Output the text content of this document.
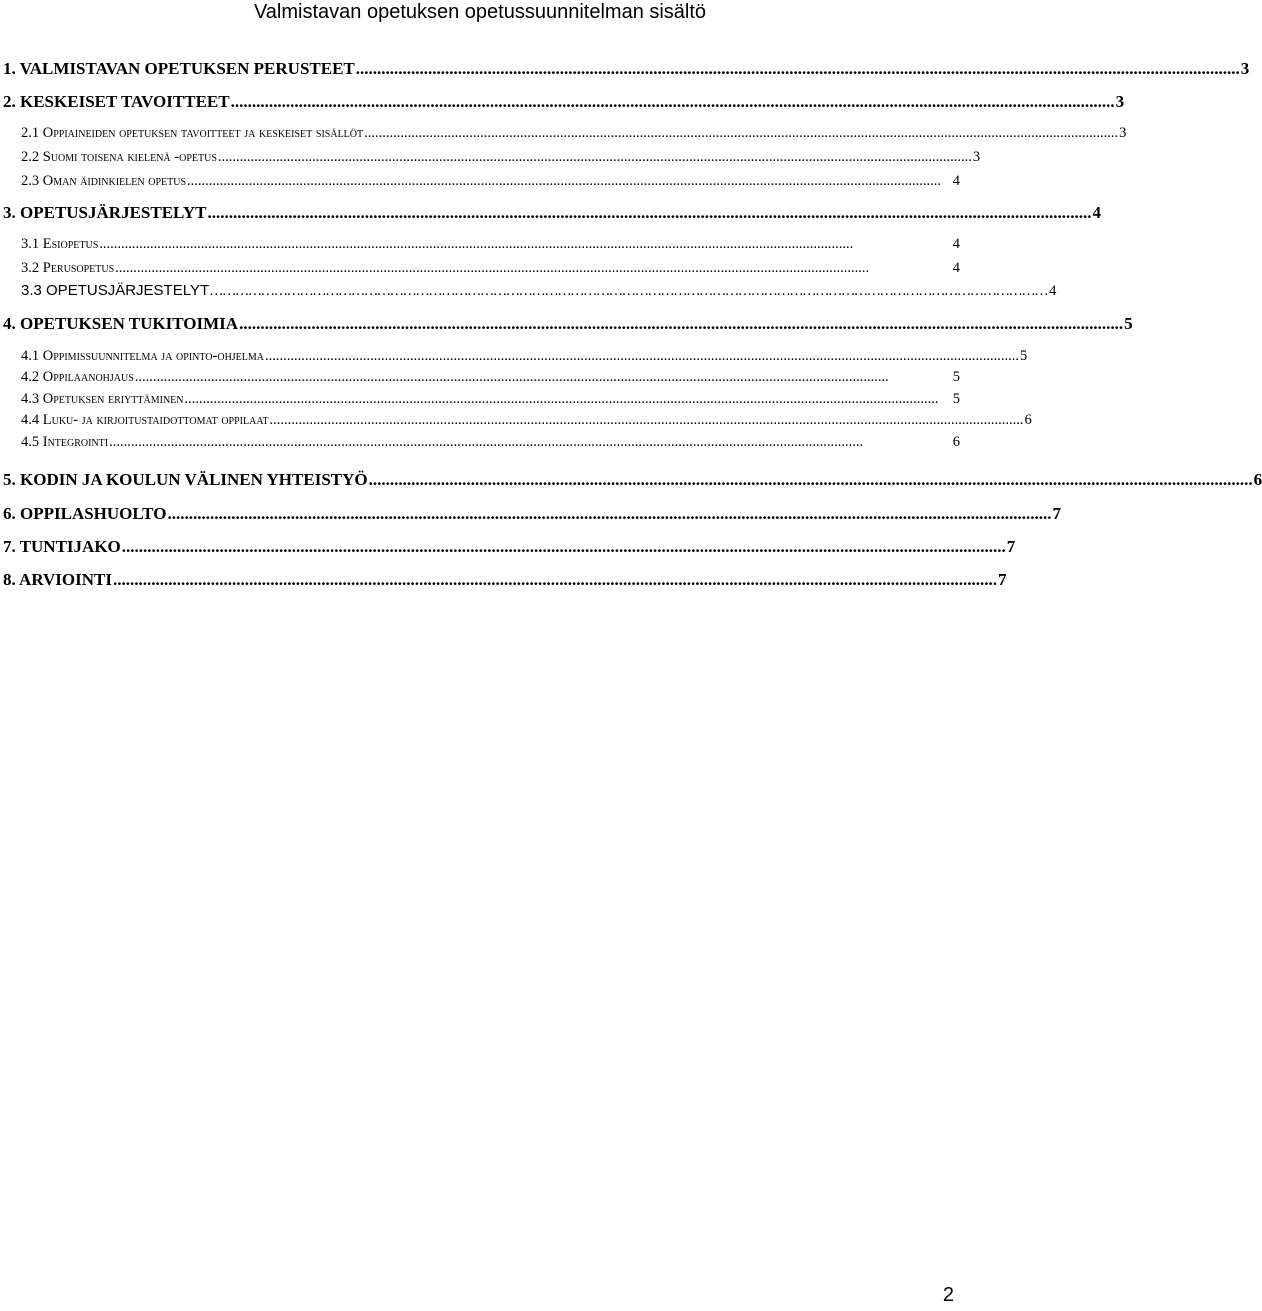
Valmistavan opetuksen opetussuunnitelman sisältö
1. VALMISTAVAN OPETUKSEN PERUSTEET ................................................................................................................................................................................................................ 3
2. KESKEISET TAVOITTEET ................................................................................................................................................................................................................ 3
2.1 Oppiaineiden opetuksen tavoitteet ja keskeiset sisällöt ................................................................................................................................................................................................................ 3
2.2 Suomi toisena kielenä -opetus ................................................................................................................................................................................................................ 3
2.3 Oman äidinkielen opetus ................................................................................................................................................................................................................ 4
3. OPETUSJÄRJESTELYT ................................................................................................................................................................................................................ 4
3.1 Esiopetus ................................................................................................................................................................................................................	4
3.2 Perusopetus ................................................................................................................................................................................................................	4
3.3 OPETUSJÄRJESTELYT …………………………………………………………………………………………………………………………………………………………………………… 4
4. OPETUKSEN TUKITOIMIA ................................................................................................................................................................................................................ 5
4.1 Oppimissuunnitelma ja opinto-ohjelma ................................................................................................................................................................................................................ 5
4.2 Oppilaanohjaus ................................................................................................................................................................................................................	5
4.3 Opetuksen eriyttäminen ................................................................................................................................................................................................................ 5
4.4 Luku- ja kirjoitustaidottomat oppilaat ................................................................................................................................................................................................................ 6
4.5 Integrointi ................................................................................................................................................................................................................	6
5. KODIN JA KOULUN VÄLINEN YHTEISTYÖ ................................................................................................................................................................................................................ 6
6. OPPILASHUOLTO ................................................................................................................................................................................................................ 7
7. TUNTIJAKO ................................................................................................................................................................................................................ 7
8. ARVIOINTI ................................................................................................................................................................................................................ 7
2
